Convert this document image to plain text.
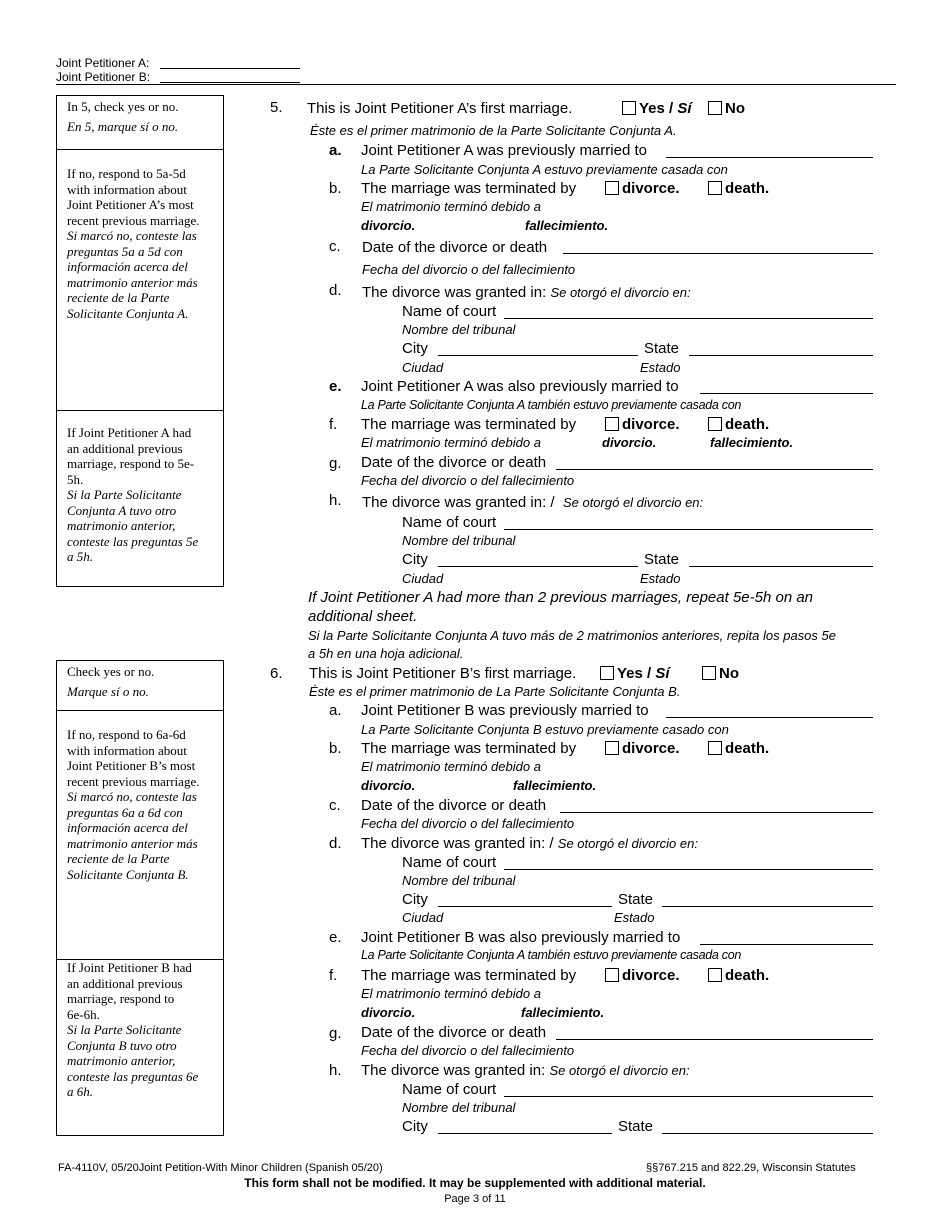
Joint Petitioner A:
Joint Petitioner B:
In 5, check yes or no.
En 5, marque sí o no.
If no, respond to 5a-5d
with information about
Joint Petitioner A’s most
recent previous marriage.
Si marcó no, conteste las
preguntas 5a a 5d con
información acerca del
matrimonio anterior más
reciente de la Parte
Solicitante Conjunta A.
If Joint Petitioner A had
an additional previous
marriage, respond to 5e-
5h.
Si la Parte Solicitante
Conjunta A tuvo otro
matrimonio anterior,
conteste las preguntas 5e
a 5h.
Check yes or no.
Marque sí o no.
If no, respond to 6a-6d
with information about
Joint Petitioner B’s most
recent previous marriage.
Si marcó no, conteste las
preguntas 6a a 6d con
información acerca del
matrimonio anterior más
reciente de la Parte
Solicitante Conjunta B.
If Joint Petitioner B had
an additional previous
marriage, respond to
6e-6h.
Si la Parte Solicitante
Conjunta B tuvo otro
matrimonio anterior,
conteste las preguntas 6e
a 6h.
5. This is Joint Petitioner A’s first marriage.	Yes / Sí	No
Éste es el primer matrimonio de la Parte Solicitante Conjunta A.
a. Joint Petitioner A was previously married to
La Parte Solicitante Conjunta A estuvo previamente casada con
b. The marriage was terminated by	divorce.	death.
El matrimonio terminó debido a
divorcio.	fallecimiento.
c. Date of the divorce or death
Fecha del divorcio o del fallecimiento
d. The divorce was granted in: Se otorgó el divorcio en:
Name of court
Nombre del tribunal
City	State
Ciudad	Estado
e. Joint Petitioner A was also previously married to
La Parte Solicitante Conjunta A también estuvo previamente casada con
f. The marriage was terminated by	divorce.	death.
El matrimonio terminó debido a	divorcio.	fallecimiento.
g. Date of the divorce or death
Fecha del divorcio o del fallecimiento
h. The divorce was granted in: / Se otorgó el divorcio en:
Name of court
Nombre del tribunal
City	State
Ciudad	Estado
If Joint Petitioner A had more than 2 previous marriages, repeat 5e-5h on an
additional sheet.
Si la Parte Solicitante Conjunta A tuvo más de 2 matrimonios anteriores, repita los pasos 5e
a 5h en una hoja adicional.
6. This is Joint Petitioner B’s first marriage.	Yes / Sí	No
Éste es el primer matrimonio de La Parte Solicitante Conjunta B.
a. Joint Petitioner B was previously married to
La Parte Solicitante Conjunta B estuvo previamente casado con
b. The marriage was terminated by	divorce.	death.
El matrimonio terminó debido a
divorcio.	fallecimiento.
c. Date of the divorce or death
Fecha del divorcio o del fallecimiento
d. The divorce was granted in: / Se otorgó el divorcio en:
Name of court
Nombre del tribunal
City	State
Ciudad	Estado
e. Joint Petitioner B was also previously married to
La Parte Solicitante Conjunta A también estuvo previamente casada con
f. The marriage was terminated by	divorce.	death.
El matrimonio terminó debido a
divorcio.	fallecimiento.
g. Date of the divorce or death
Fecha del divorcio o del fallecimiento
h. The divorce was granted in: Se otorgó el divorcio en:
Name of court
Nombre del tribunal
City	State
FA-4110V, 05/20Joint Petition-With Minor Children (Spanish 05/20)	§§767.215 and 822.29, Wisconsin Statutes
This form shall not be modified. It may be supplemented with additional material.
Page 3 of 11
